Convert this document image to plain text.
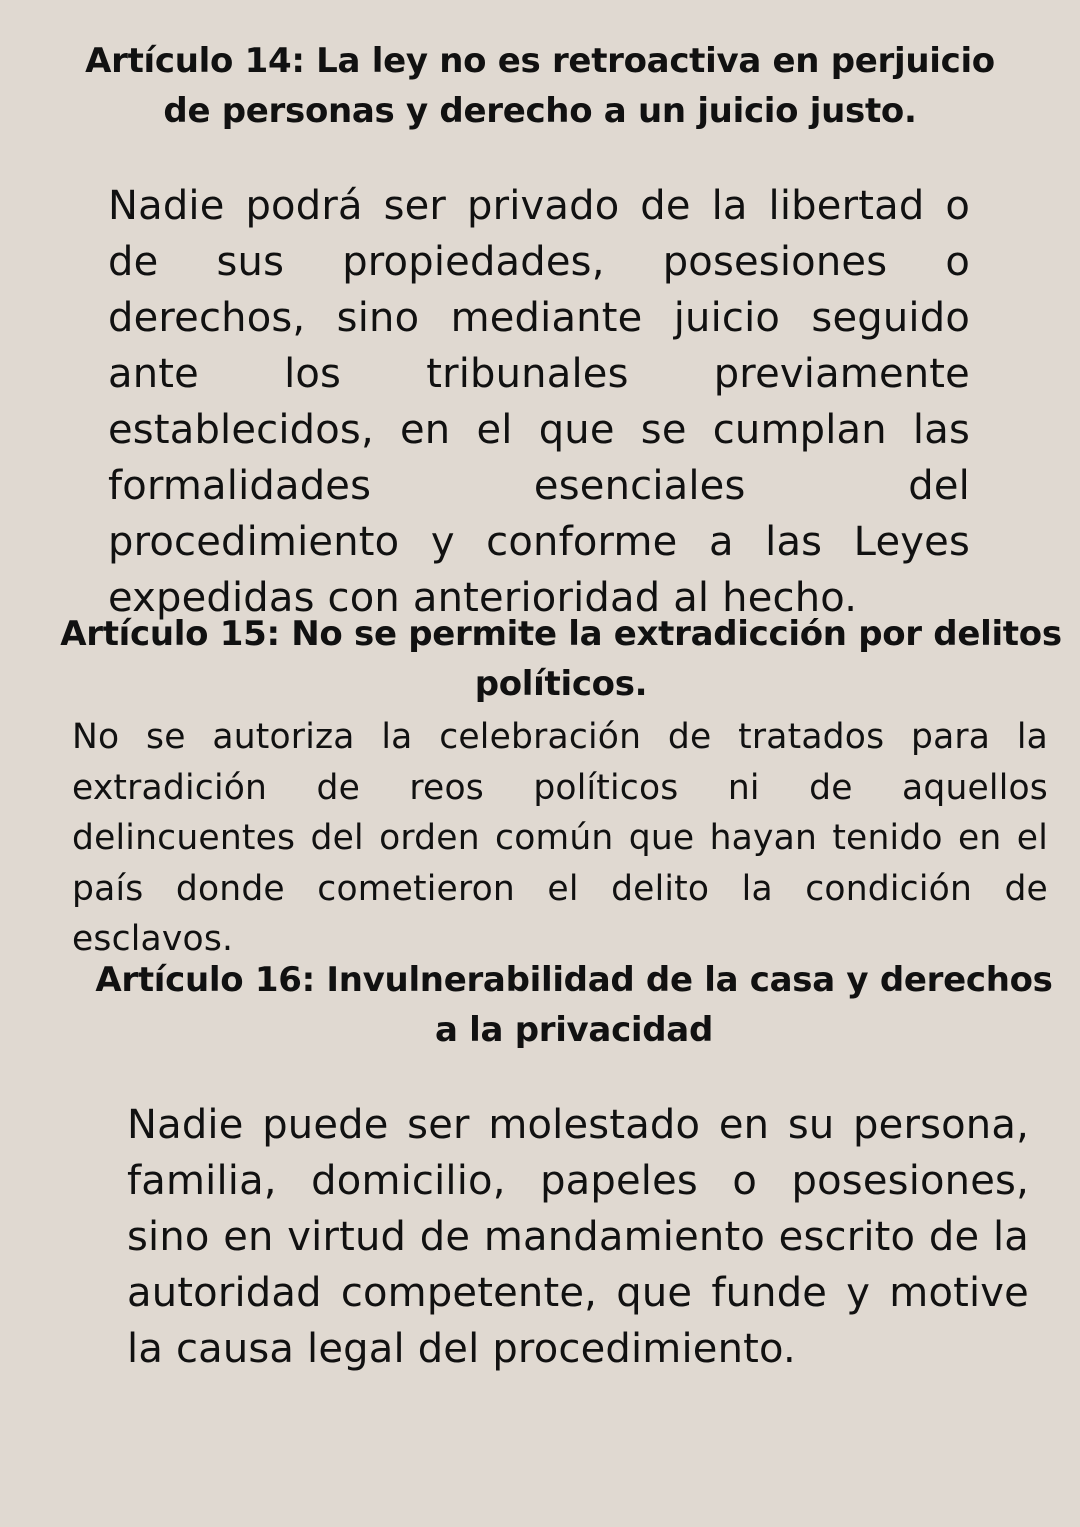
Artículo 14: La ley no es retroactiva en perjuicio de personas y derecho a un juicio justo.

Nadie podrá ser privado de la libertad o de sus propiedades, posesiones o derechos, sino mediante juicio seguido ante los tribunales previamente establecidos, en el que se cumplan las formalidades esenciales del procedimiento y conforme a las Leyes expedidas con anterioridad al hecho.

Artículo 15: No se permite la extradicción por delitos políticos.

No se autoriza la celebración de tratados para la extradición de reos políticos ni de aquellos delincuentes del orden común que hayan tenido en el país donde cometieron el delito la condición de esclavos.

Artículo 16: Invulnerabilidad de la casa y derechos a la privacidad

Nadie puede ser molestado en su persona, familia, domicilio, papeles o posesiones, sino en virtud de mandamiento escrito de la autoridad competente, que funde y motive la causa legal del procedimiento.
